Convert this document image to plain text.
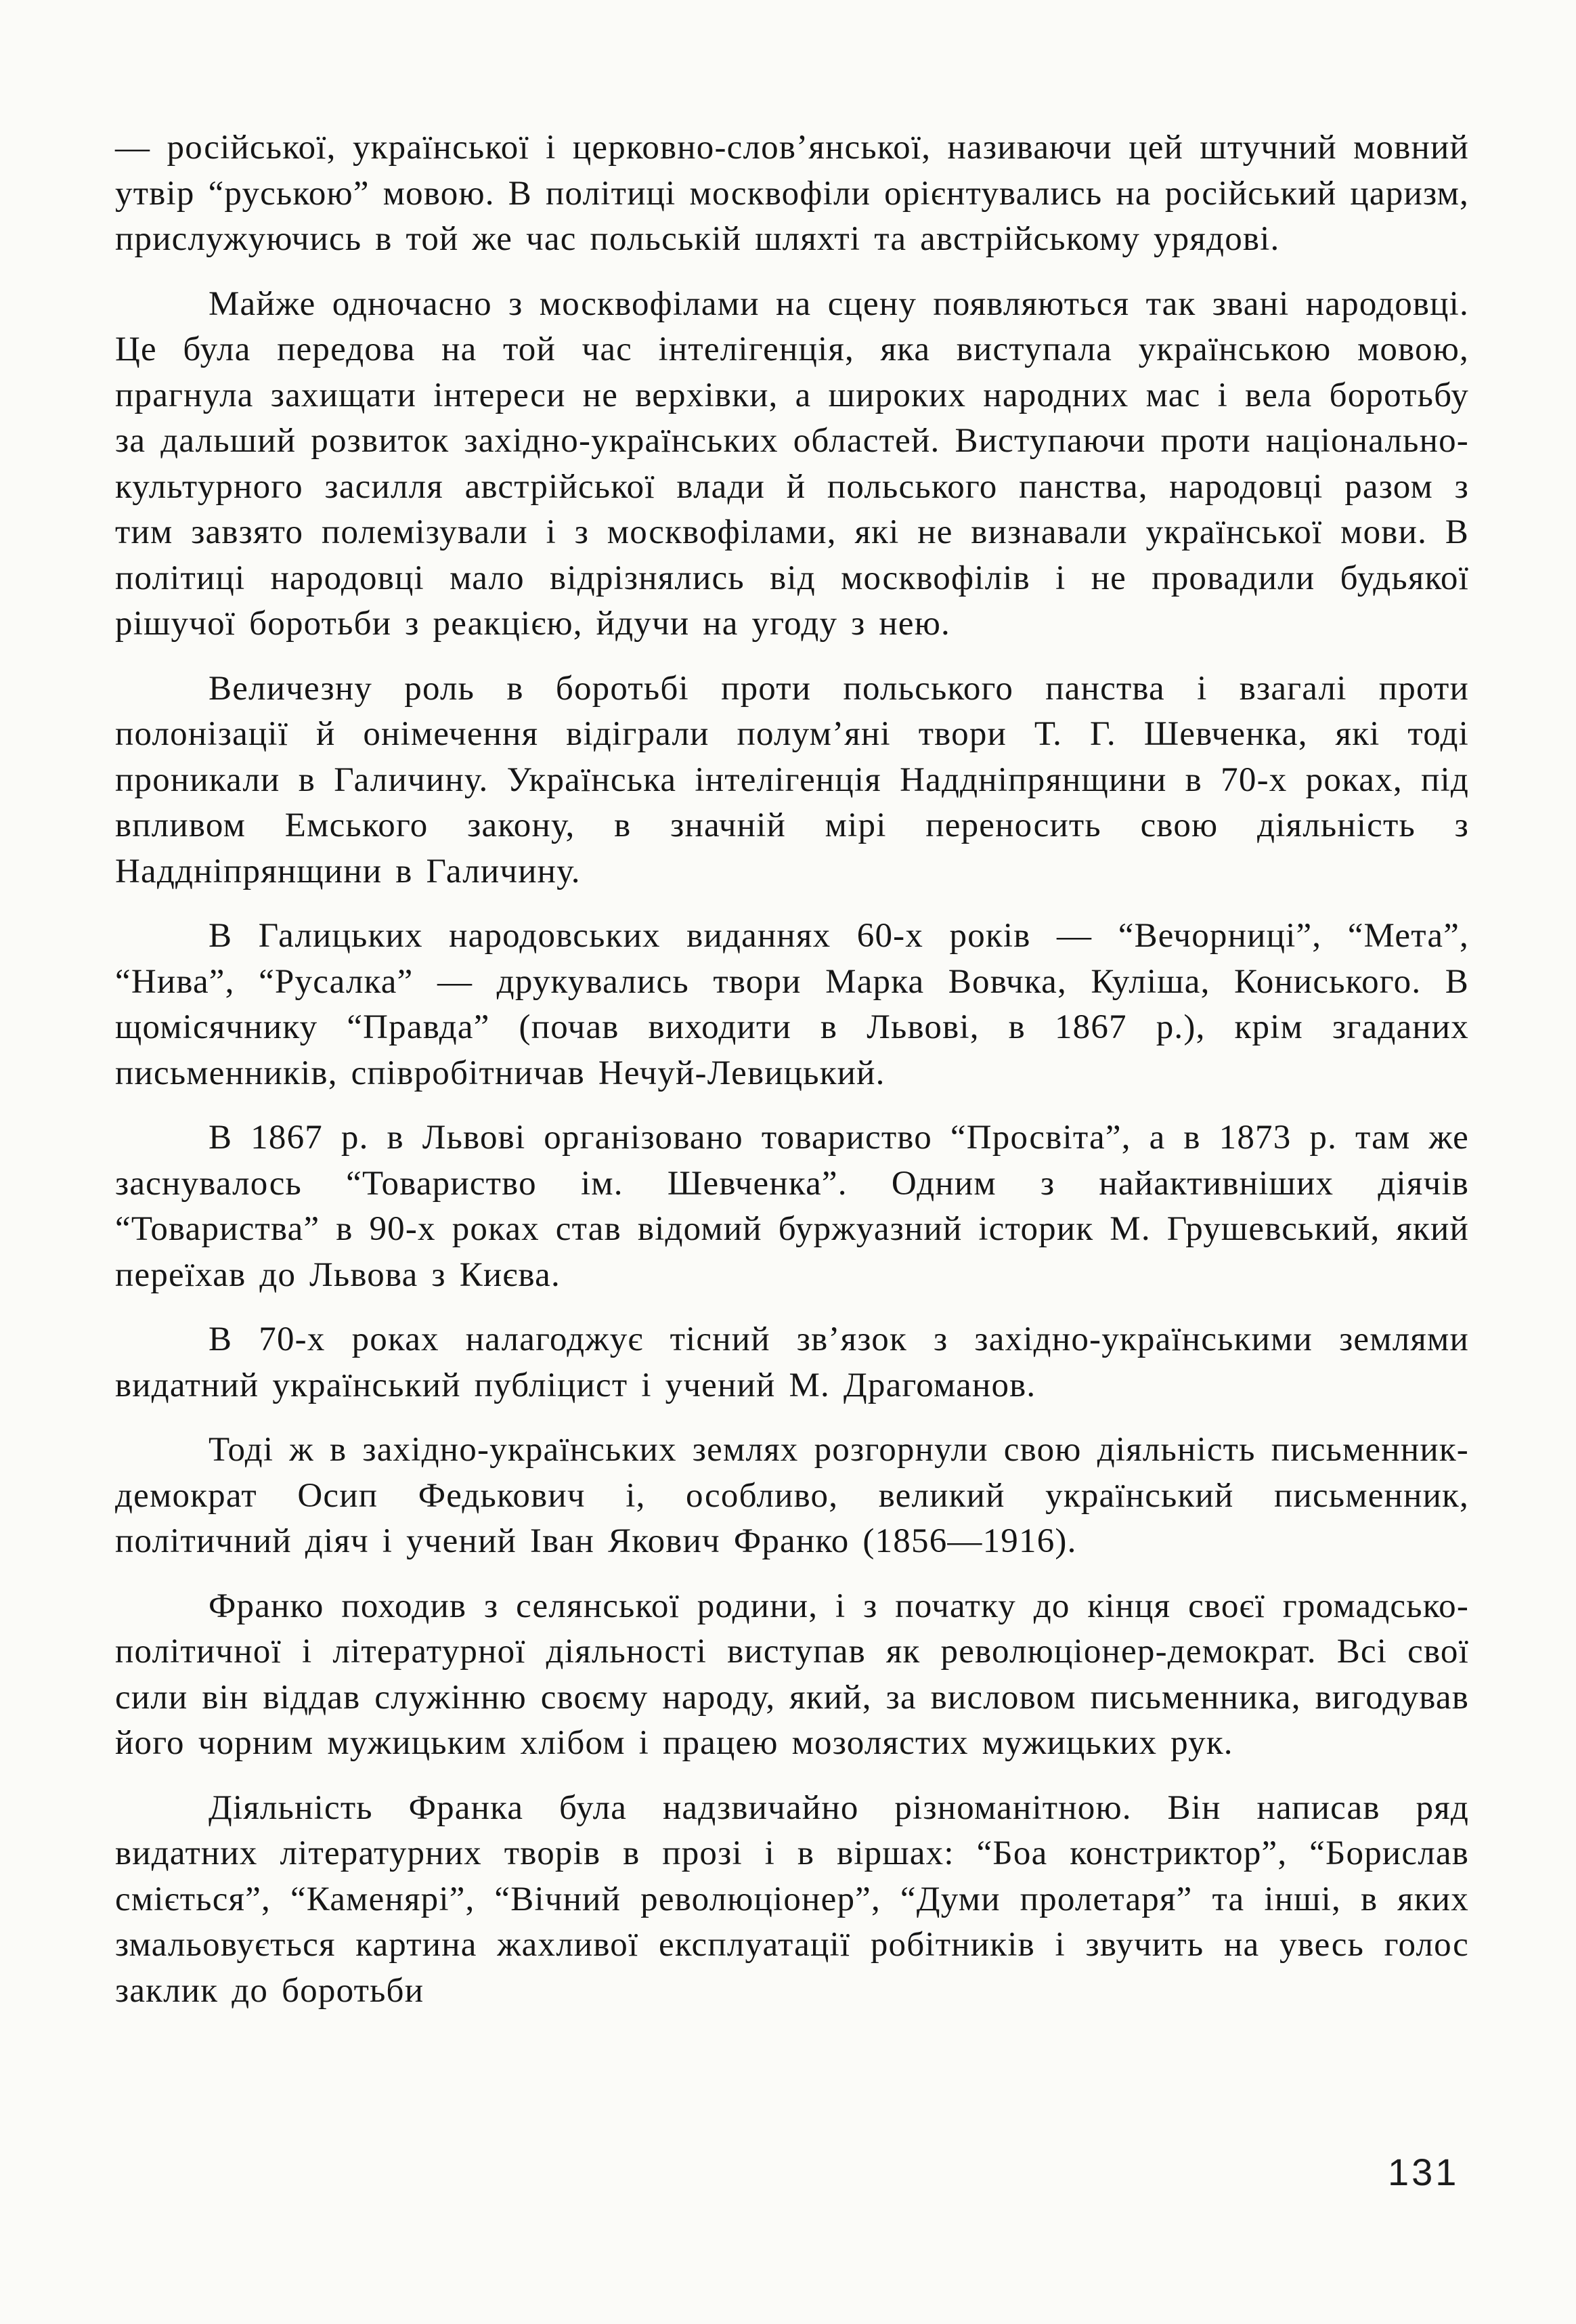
— російської, української і церковно-слов’янської, називаючи цей штучний мовний утвір “руською” мовою. В політиці москвофіли орієнтувались на російський царизм, прислужуючись в той же час польській шляхті та австрійському урядові.

Майже одночасно з москвофілами на сцену появляються так звані народовці. Це була передова на той час інтелігенція, яка виступала українською мовою, прагнула захищати інтереси не верхівки, а широких народних мас і вела боротьбу за дальший розвиток західно-українських областей. Виступаючи проти національно-культурного засилля австрійської влади й польського панства, народовці разом з тим завзято полемізували і з москвофілами, які не визнавали української мови. В політиці народовці мало відрізнялись від москвофілів і не провадили будьякої рішучої боротьби з реакцією, йдучи на угоду з нею.

Величезну роль в боротьбі проти польського панства і взагалі проти полонізації й онімечення відіграли полум’яні твори Т. Г. Шевченка, які тоді проникали в Галичину. Українська інтелігенція Наддніпрянщини в 70-х роках, під впливом Емського закону, в значній мірі переносить свою діяльність з Наддніпрянщини в Галичину.

В Галицьких народовських виданнях 60-х років — “Вечорниці”, “Мета”, “Нива”, “Русалка” — друкувались твори Марка Вовчка, Куліша, Кониського. В щомісячнику “Правда” (почав виходити в Львові, в 1867 р.), крім згаданих письменників, співробітничав Нечуй-Левицький.

В 1867 р. в Львові організовано товариство “Просвіта”, а в 1873 р. там же заснувалось “Товариство ім. Шевченка”. Одним з найактивніших діячів “Товариства” в 90-х роках став відомий буржуазний історик М. Грушевський, який переїхав до Львова з Києва.

В 70-х роках налагоджує тісний зв’язок з західно-українськими землями видатний український публіцист і учений М. Драгоманов.

Тоді ж в західно-українських землях розгорнули свою діяльність письменник-демократ Осип Федькович і, особливо, великий український письменник, політичний діяч і учений Іван Якович Франко (1856—1916).

Франко походив з селянської родини, і з початку до кінця своєї громадсько-політичної і літературної діяльності виступав як революціонер-демократ. Всі свої сили він віддав служінню своєму народу, який, за висловом письменника, вигодував його чорним мужицьким хлібом і працею мозолястих мужицьких рук.

Діяльність Франка була надзвичайно різноманітною. Він написав ряд видатних літературних творів в прозі і в віршах: “Боа констриктор”, “Борислав сміється”, “Каменярі”, “Вічний революціонер”, “Думи пролетаря” та інші, в яких змальовується картина жахливої експлуатації робітників і звучить на увесь голос заклик до боротьби

131
